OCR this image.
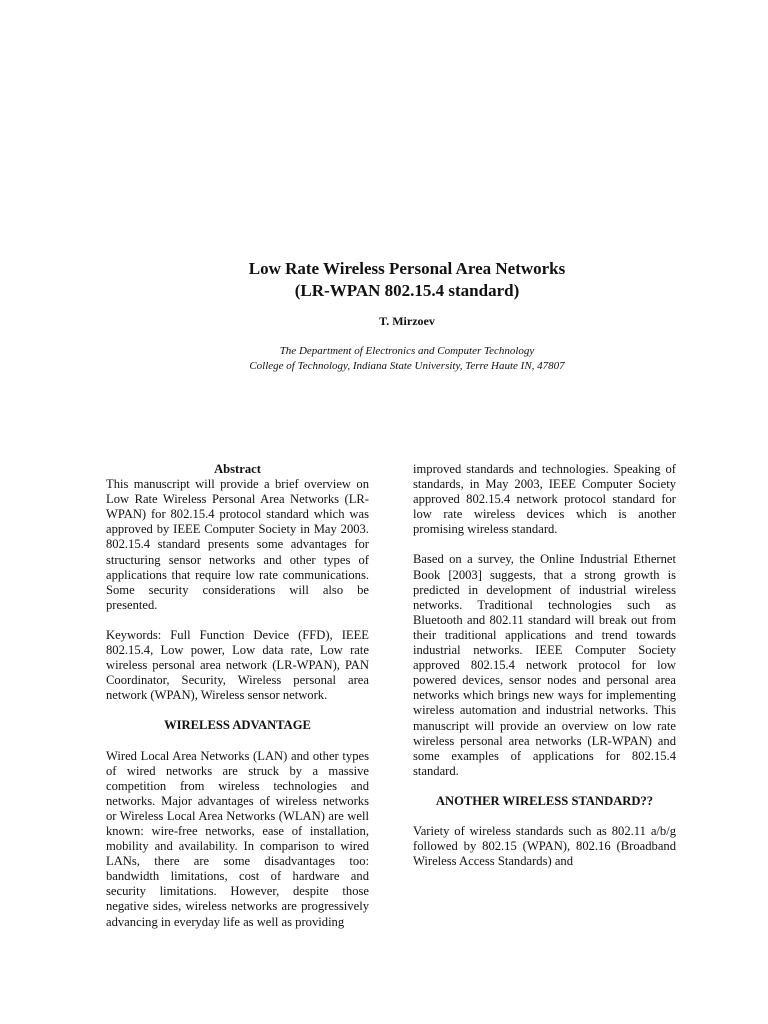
Low Rate Wireless Personal Area Networks
(LR-WPAN 802.15.4 standard)

T. Mirzoev

The Department of Electronics and Computer Technology
College of Technology, Indiana State University, Terre Haute IN, 47807

Abstract

This manuscript will provide a brief overview on Low Rate Wireless Personal Area Networks (LR-WPAN) for 802.15.4 protocol standard which was approved by IEEE Computer Society in May 2003. 802.15.4 standard presents some advantages for structuring sensor networks and other types of applications that require low rate communications. Some security considerations will also be presented.

Keywords: Full Function Device (FFD), IEEE 802.15.4, Low power, Low data rate, Low rate wireless personal area network (LR-WPAN), PAN Coordinator, Security, Wireless personal area network (WPAN), Wireless sensor network.

WIRELESS ADVANTAGE

Wired Local Area Networks (LAN) and other types of wired networks are struck by a massive competition from wireless technologies and networks. Major advantages of wireless networks or Wireless Local Area Networks (WLAN) are well known: wire-free networks, ease of installation, mobility and availability. In comparison to wired LANs, there are some disadvantages too: bandwidth limitations, cost of hardware and security limitations. However, despite those negative sides, wireless networks are progressively advancing in everyday life as well as providing

improved standards and technologies. Speaking of standards, in May 2003, IEEE Computer Society approved 802.15.4 network protocol standard for low rate wireless devices which is another promising wireless standard.

Based on a survey, the Online Industrial Ethernet Book [2003] suggests, that a strong growth is predicted in development of industrial wireless networks. Traditional technologies such as Bluetooth and 802.11 standard will break out from their traditional applications and trend towards industrial networks. IEEE Computer Society approved 802.15.4 network protocol for low powered devices, sensor nodes and personal area networks which brings new ways for implementing wireless automation and industrial networks. This manuscript will provide an overview on low rate wireless personal area networks (LR-WPAN) and some examples of applications for 802.15.4 standard.

ANOTHER WIRELESS STANDARD??

Variety of wireless standards such as 802.11 a/b/g followed by 802.15 (WPAN), 802.16 (Broadband Wireless Access Standards) and
